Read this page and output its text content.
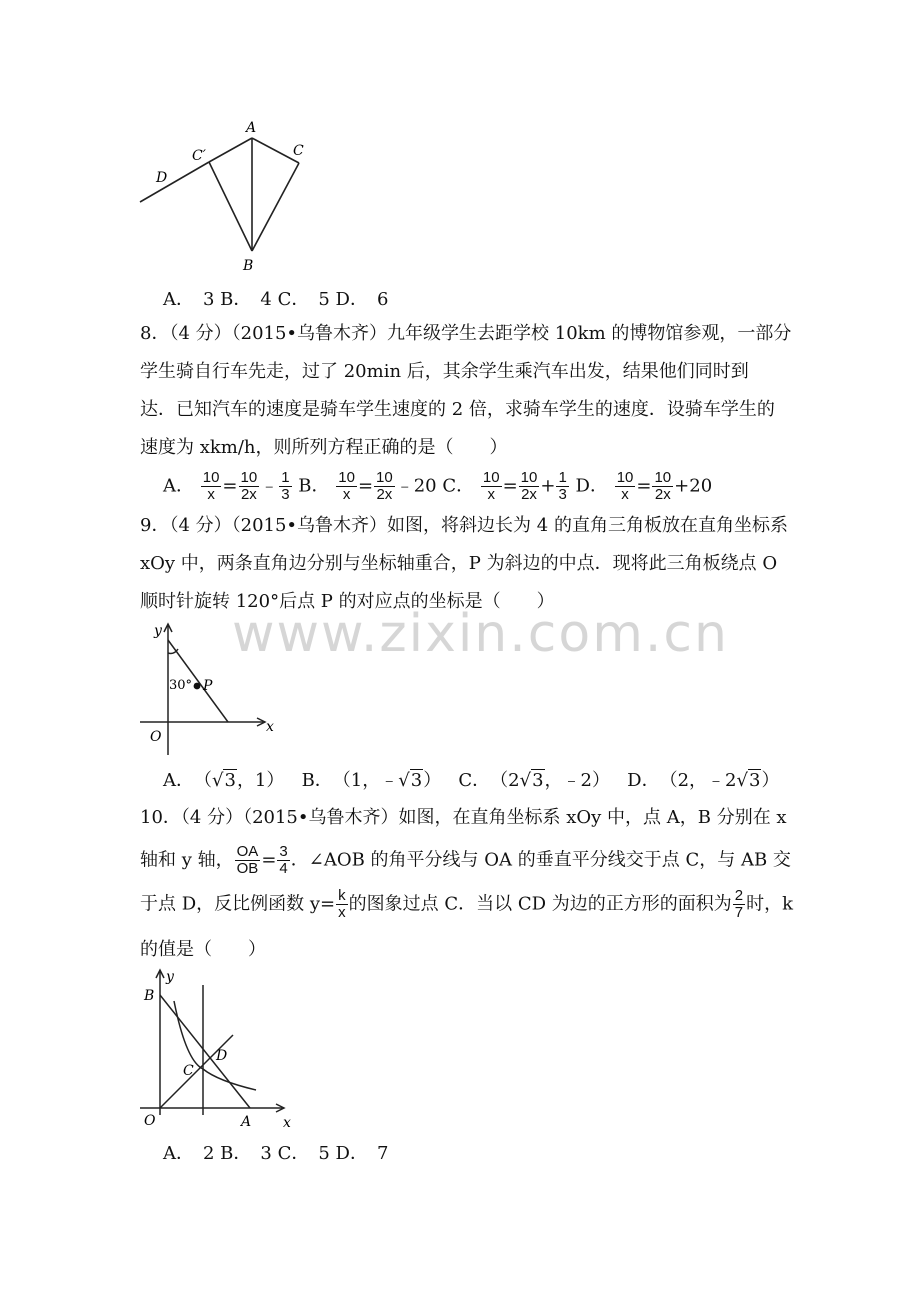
www.zixin.com.cn
A
C
C′
D
B
A．　3 B．　4 C．　5 D．　6
8．（4 分）（2015•乌鲁木齐）九年级学生去距学校 10km 的博物馆参观，一部分
学生骑自行车先走，过了 20min 后，其余学生乘汽车出发，结果他们同时到
达．已知汽车的速度是骑车学生速度的 2 倍，求骑车学生的速度．设骑车学生的
速度为 xkm/h，则所列方程正确的是（　　）
A． $\frac{10}{x} = \frac{10}{2x}$ ﹣ $\frac{1}{3}$ B． $\frac{10}{x} = \frac{10}{2x}$ ﹣20 C． $\frac{10}{x} = \frac{10}{2x} + \frac{1}{3}$ D． $\frac{10}{x} = \frac{10}{2x} +20$
9．（4 分）（2015•乌鲁木齐）如图，将斜边长为 4 的直角三角板放在直角坐标系
xOy 中，两条直角边分别与坐标轴重合，P 为斜边的中点．现将此三角板绕点 O
顺时针旋转 120°后点 P 的对应点的坐标是（　　）
y
x
O
P
30°
A．　（√3，1） B．　（1，﹣√3） C．　（2√3，﹣2） D．　（2，﹣2√3）
10．（4 分）（2015•乌鲁木齐）如图，在直角坐标系 xOy 中，点 A，B 分别在 x
轴和 y 轴， $\frac{OA}{OB} = \frac{3}{4}$ ．∠AOB 的角平分线与 OA 的垂直平分线交于点 C，与 AB 交
于点 D，反比例函数 $y= \frac{k}{x}$ 的图象过点 C．当以 CD 为边的正方形的面积为 $\frac{2}{7}$ 时，k
的值是（　　）
y
x
O	A
B
C
D
A．　2 B．　3 C．　5 D．　7
